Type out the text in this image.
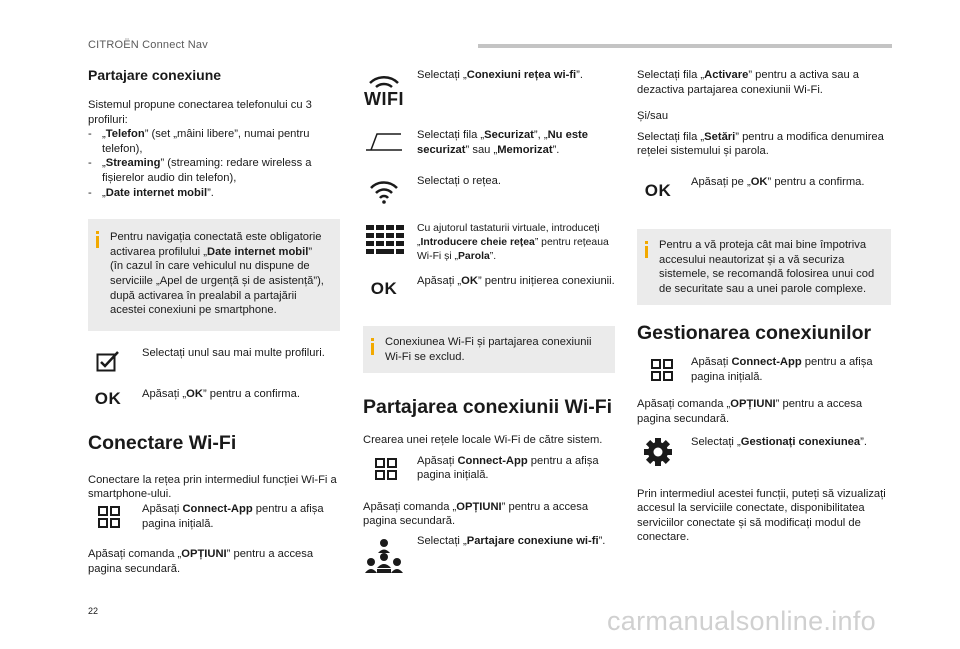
CITROËN Connect Nav
Partajare conexiune

Sistemul propune conectarea telefonului cu 3
profiluri:

- „Telefon” (set „mâini libere”, numai pentru telefon),
- „Streaming” (streaming: redare wireless a fișierelor audio din telefon),
- „Date internet mobil”.
Pentru navigația conectată este obligatorie activarea profilului „Date internet mobil” (în cazul în care vehiculul nu dispune de serviciile „Apel de urgență și de asistență”), după activarea în prealabil a partajării acestei conexiuni pe smartphone.
Selectați unul sau mai multe profiluri.
OK	Apăsați „OK” pentru a confirma.
Conectare Wi-Fi

Conectare la rețea prin intermediul funcției Wi-Fi a smartphone-ului.

Apăsați Connect-App pentru a afișa pagina inițială.

Apăsați comanda „OPȚIUNI” pentru a accesa pagina secundară.

WIFI
Selectați „Conexiuni rețea wi-fi”.
Selectați fila „Securizat”, „Nu este securizat” sau „Memorizat”.
Selectați o rețea.
Cu ajutorul tastaturii virtuale, introduceți „Introducere cheie rețea” pentru rețeaua Wi-Fi și „Parola”.
OK	Apăsați „OK” pentru inițierea conexiunii.
Conexiunea Wi-Fi și partajarea conexiunii Wi-Fi se exclud.
Partajarea conexiunii Wi-Fi

Crearea unei rețele locale Wi-Fi de către sistem.

Apăsați Connect-App pentru a afișa pagina inițială.

Apăsați comanda „OPȚIUNI” pentru a accesa pagina secundară.

Selectați „Partajare conexiune wi-fi”.

Selectați fila „Activare” pentru a activa sau a dezactiva partajarea conexiunii Wi-Fi.

Și/sau

Selectați fila „Setări” pentru a modifica denumirea rețelei sistemului și parola.

OK	Apăsați pe „OK” pentru a confirma.
Pentru a vă proteja cât mai bine împotriva accesului neautorizat și a vă securiza sistemele, se recomandă folosirea unui cod de securitate sau a unei parole complexe.
Gestionarea conexiunilor
Apăsați Connect-App pentru a afișa pagina inițială.

Apăsați comanda „OPȚIUNI” pentru a accesa pagina secundară.

Selectați „Gestionați conexiunea”.

Prin intermediul acestei funcții, puteți să vizualizați accesul la serviciile conectate, disponibilitatea serviciilor conectate și să modificați modul de conectare.

22	carmanualsonline.info
